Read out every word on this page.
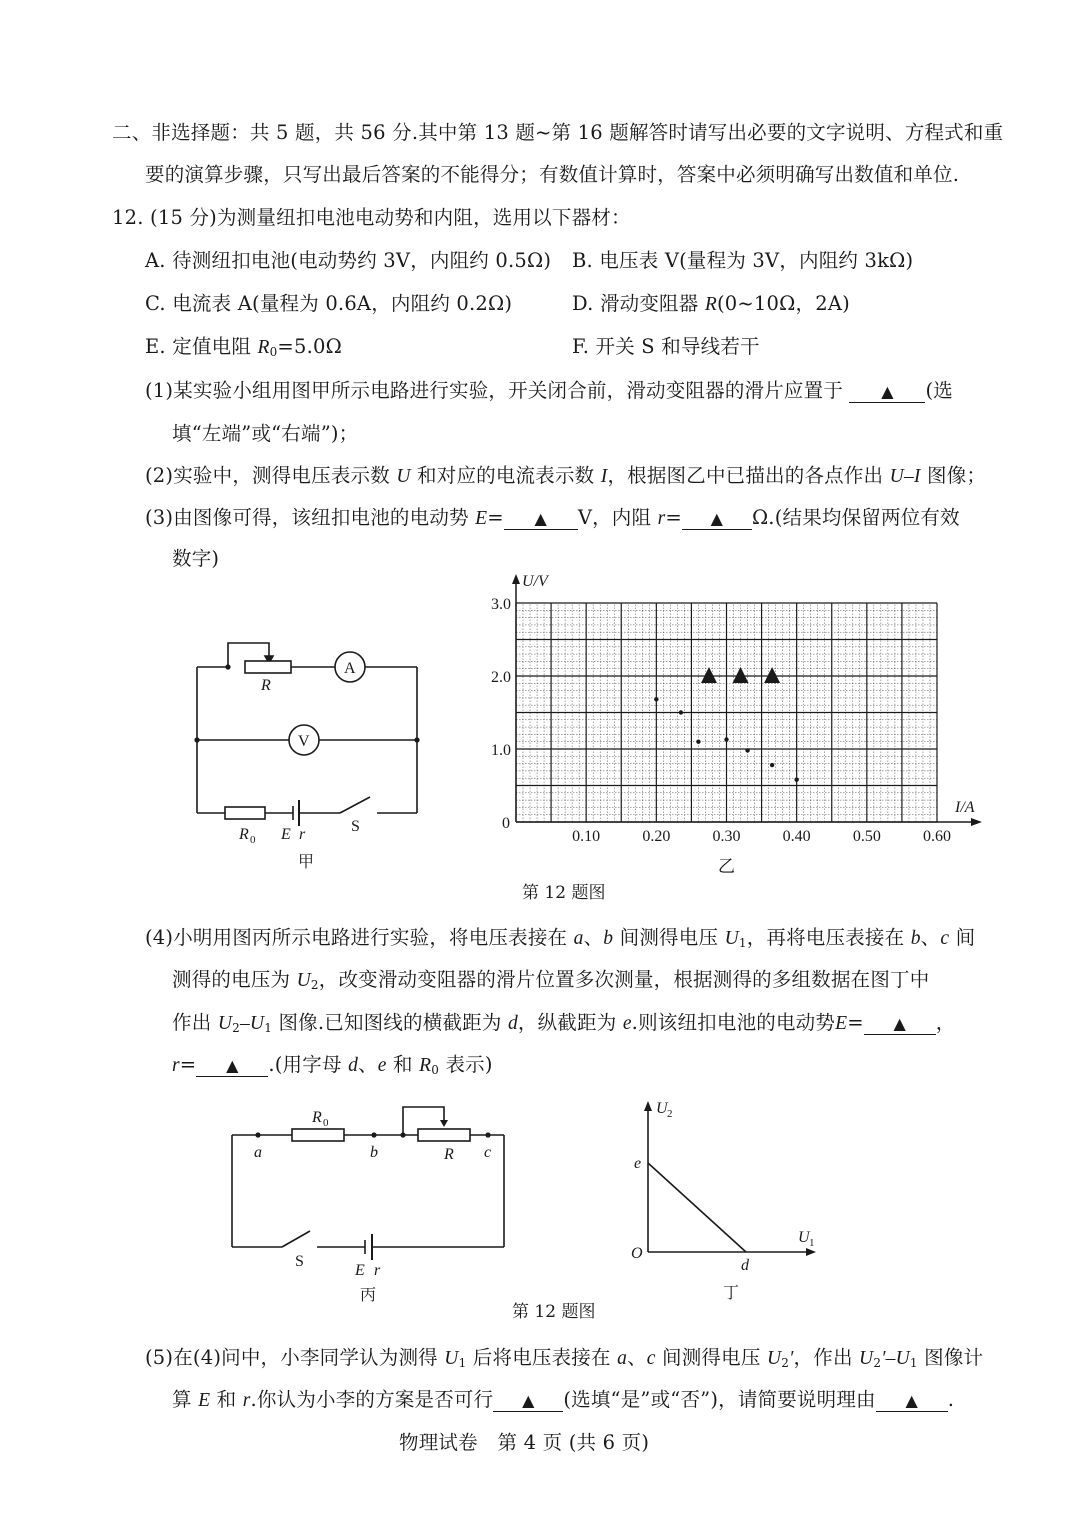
二、非选择题：共 5 题，共 56 分.其中第 13 题~第 16 题解答时请写出必要的文字说明、方程式和重
要的演算步骤，只写出最后答案的不能得分；有数值计算时，答案中必须明确写出数值和单位.
12. (15 分)为测量纽扣电池电动势和内阻，选用以下器材：
A. 待测纽扣电池(电动势约 3V，内阻约 0.5Ω) B. 电压表 V(量程为 3V，内阻约 3kΩ)
C. 电流表 A(量程为 0.6A，内阻约 0.2Ω)	D. 滑动变阻器 R(0~10Ω，2A)
E. 定值电阻 $R_0=5.0\Omega$	F. 开关 S 和导线若干
(1)某实验小组用图甲所示电路进行实验，开关闭合前，滑动变阻器的滑片应置于 ▲ (选
填“左端”或“右端”)；
(2)实验中，测得电压表示数 U 和对应的电流表示数 I，根据图乙中已描出的各点作出 U–I 图像；
(3)由图像可得，该纽扣电池的电动势 E= ▲ V，内阻 r= ▲ Ω.(结果均保留两位有效
数字)
R
A
V
R 0 E r	S
甲
0
1.0
2.0
3.0
0.10	0.20	0.30	0.40	0.50	0.60
U/V
I/A
乙
第 12 题图
(4)小明用图丙所示电路进行实验，将电压表接在 a、b 间测得电压 $U_1$，再将电压表接在 b、c 间
测得的电压为 $U_2$，改变滑动变阻器的滑片位置多次测量，根据测得的多组数据在图丁中
作出 $U_2-U_1$ 图像.已知图线的横截距为 d，纵截距为 e.则该纽扣电池的电动势E= ▲ ，
r= ▲ .(用字母 d、e 和 $R_0$ 表示)
R 0
a	b	R c
S
E r
丙
U 2
U 1
e
O
d
丁
第 12 题图
(5)在(4)问中，小李同学认为测得 $U_1$ 后将电压表接在 a、c 间测得电压 $U_2'$，作出 $U_2'-U_1$ 图像计
算 E 和 r.你认为小李的方案是否可行 ▲ (选填“是”或“否”)，请简要说明理由 ▲ .
物理试卷　第 4 页 (共 6 页)
